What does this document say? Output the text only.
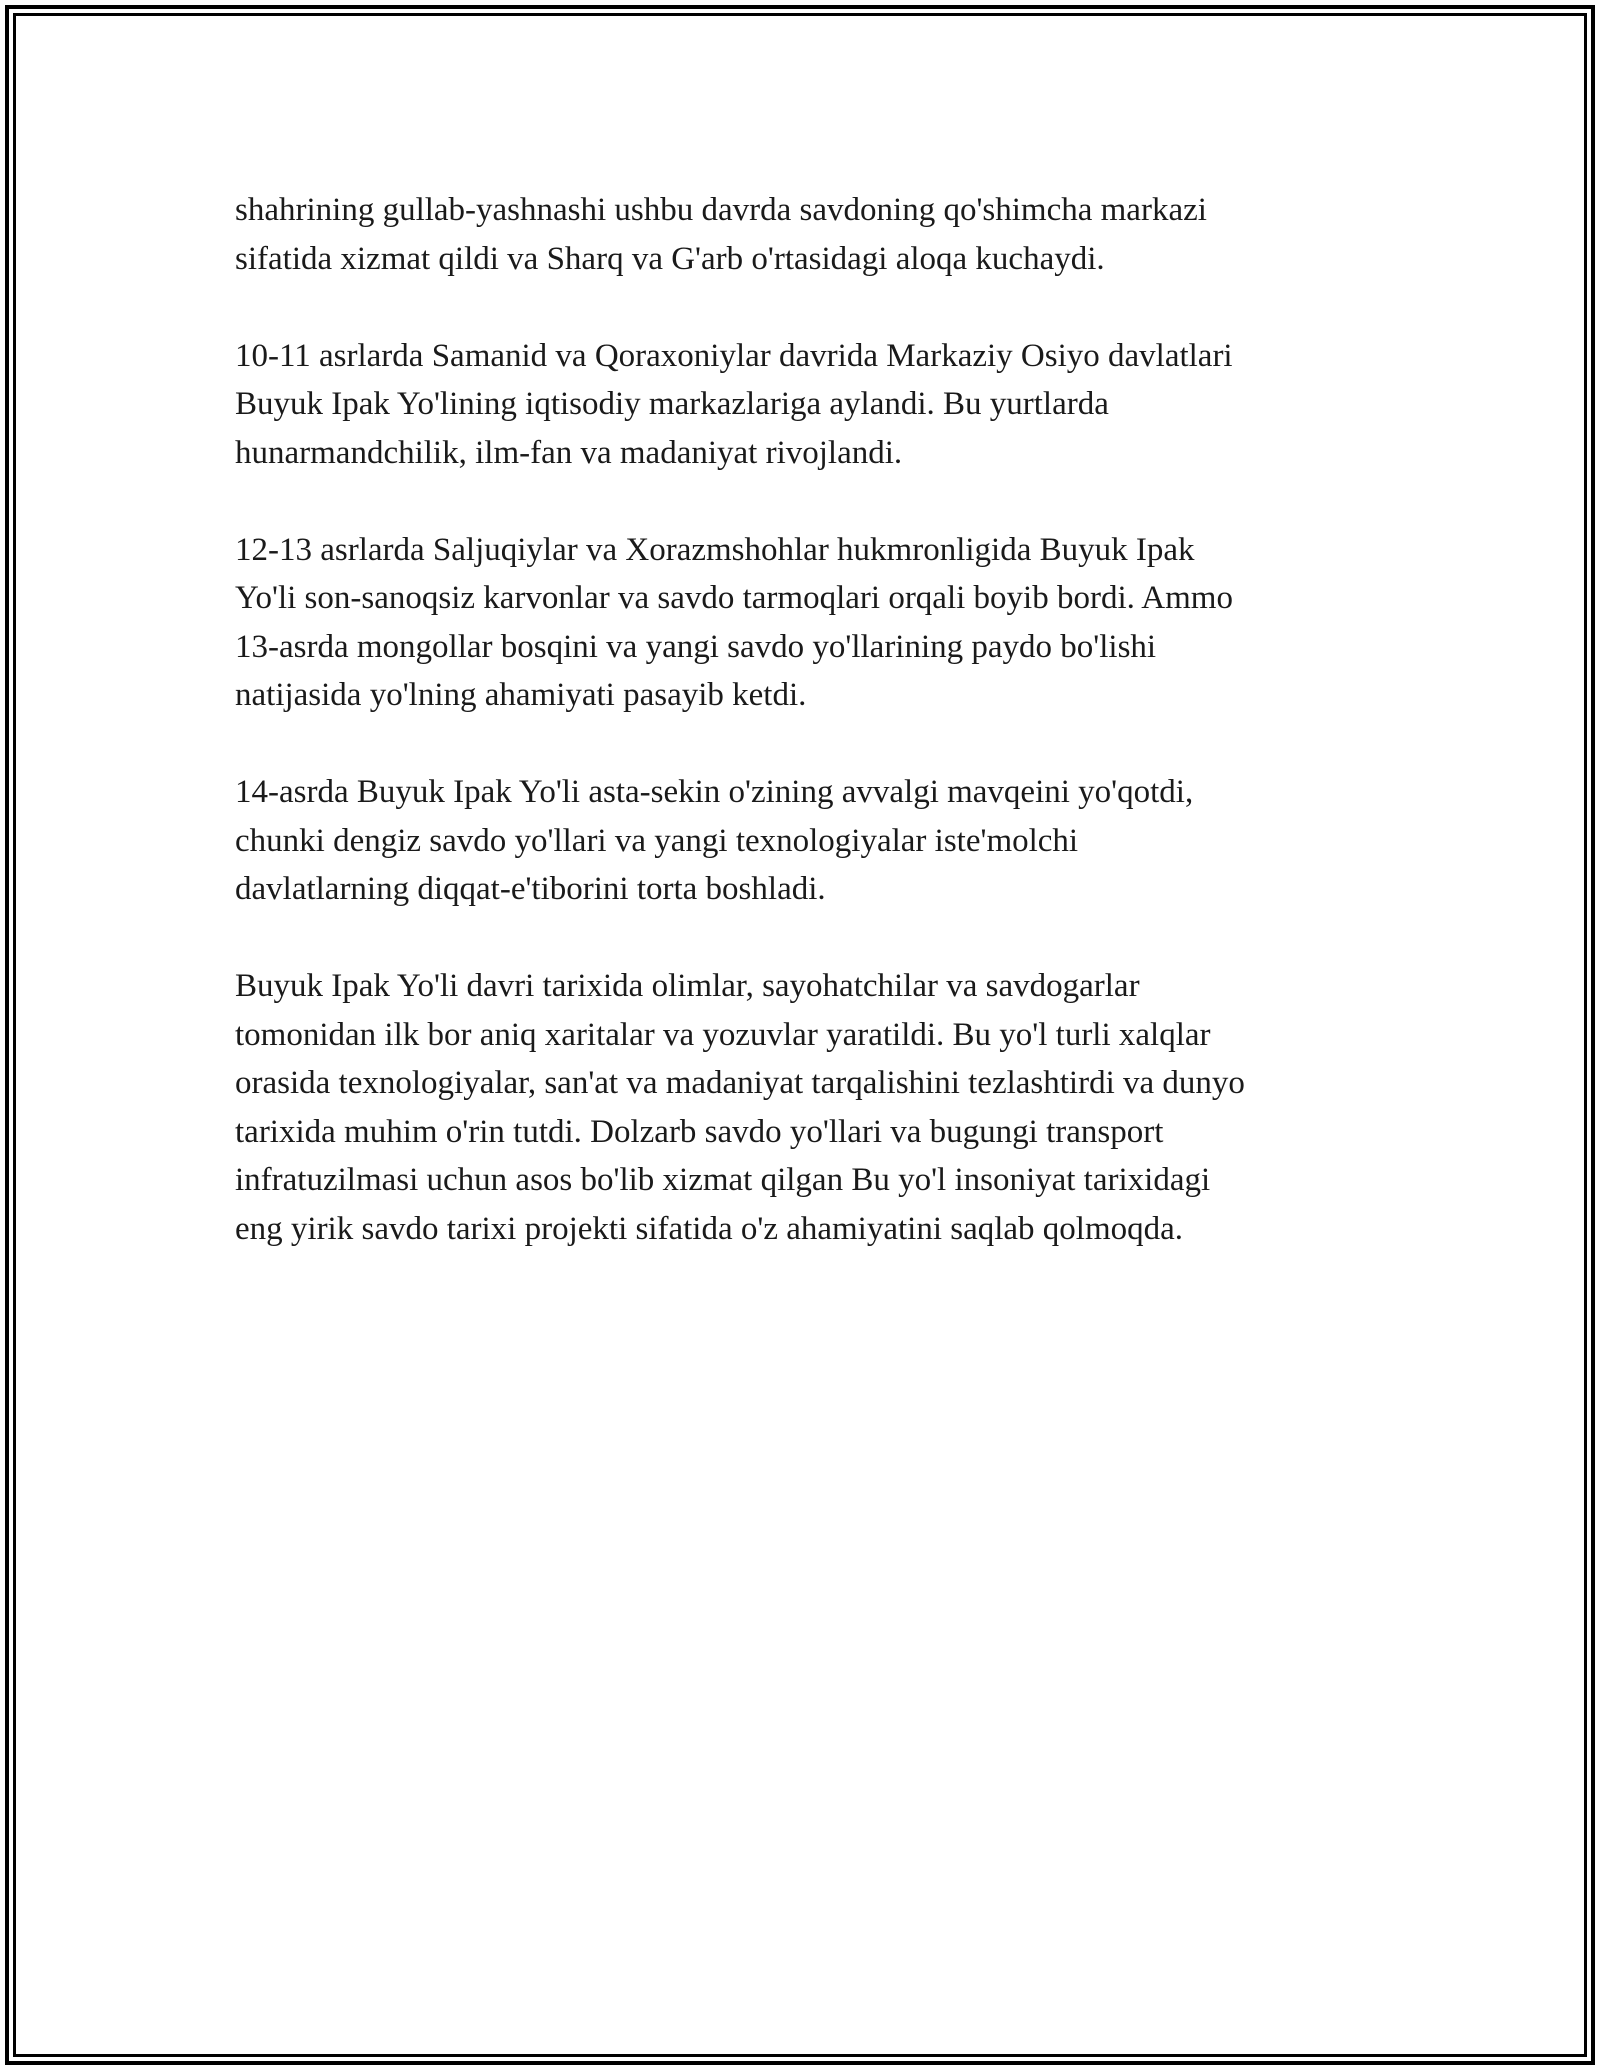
shahrining gullab-yashnashi ushbu davrda savdoning qo'shimcha markazi
sifatida xizmat qildi va Sharq va G'arb o'rtasidagi aloqa kuchaydi.

10-11 asrlarda Samanid va Qoraxoniylar davrida Markaziy Osiyo davlatlari
Buyuk Ipak Yo'lining iqtisodiy markazlariga aylandi. Bu yurtlarda
hunarmandchilik, ilm-fan va madaniyat rivojlandi.

12-13 asrlarda Saljuqiylar va Xorazmshohlar hukmronligida Buyuk Ipak
Yo'li son-sanoqsiz karvonlar va savdo tarmoqlari orqali boyib bordi. Ammo
13-asrda mongollar bosqini va yangi savdo yo'llarining paydo bo'lishi
natijasida yo'lning ahamiyati pasayib ketdi.

14-asrda Buyuk Ipak Yo'li asta-sekin o'zining avvalgi mavqeini yo'qotdi,
chunki dengiz savdo yo'llari va yangi texnologiyalar iste'molchi
davlatlarning diqqat-e'tiborini torta boshladi.

Buyuk Ipak Yo'li davri tarixida olimlar, sayohatchilar va savdogarlar
tomonidan ilk bor aniq xaritalar va yozuvlar yaratildi. Bu yo'l turli xalqlar
orasida texnologiyalar, san'at va madaniyat tarqalishini tezlashtirdi va dunyo
tarixida muhim o'rin tutdi. Dolzarb savdo yo'llari va bugungi transport
infratuzilmasi uchun asos bo'lib xizmat qilgan Bu yo'l insoniyat tarixidagi
eng yirik savdo tarixi projekti sifatida o'z ahamiyatini saqlab qolmoqda.
